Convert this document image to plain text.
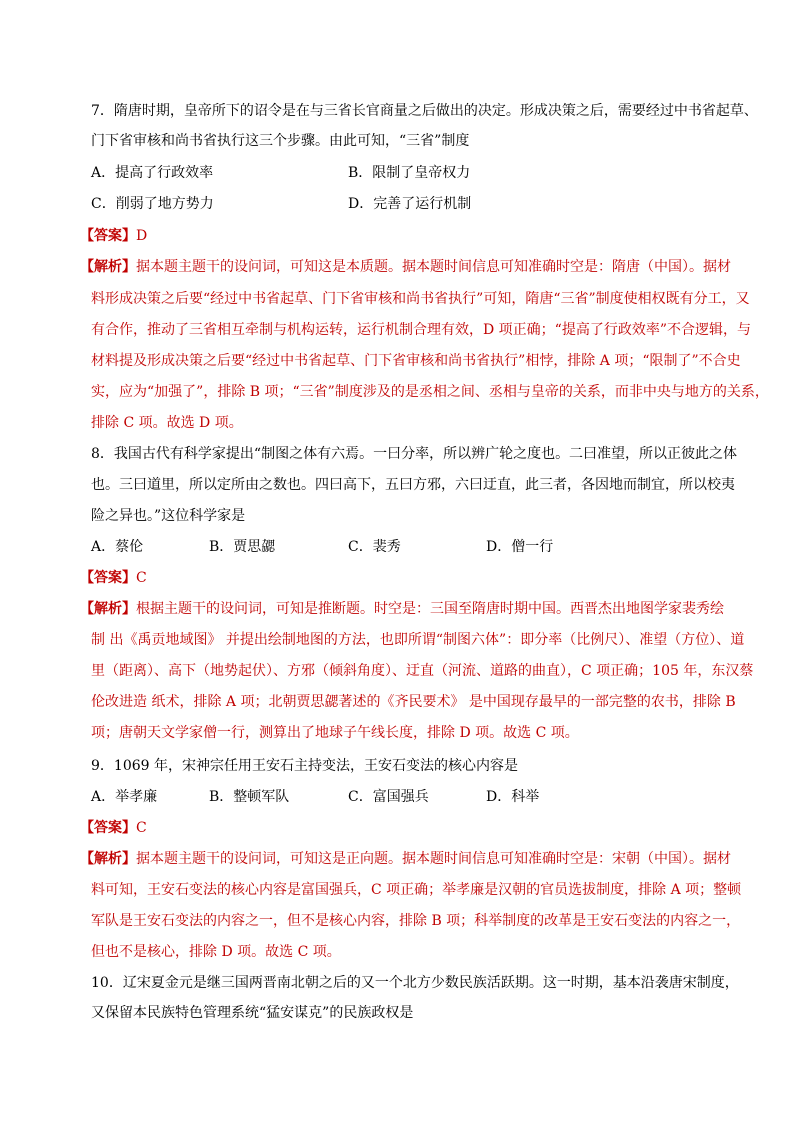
7．隋唐时期，皇帝所下的诏令是在与三省长官商量之后做出的决定。形成决策之后，需要经过中书省起草、
门下省审核和尚书省执行这三个步骤。由此可知，“三省”制度
A．提高了行政效率	B．限制了皇帝权力
C．削弱了地方势力	D．完善了运行机制
【答案】D
【解析】据本题主题干的设问词，可知这是本质题。据本题时间信息可知准确时空是：隋唐（中国）。据材
料形成决策之后要“经过中书省起草、门下省审核和尚书省执行”可知，隋唐“三省”制度使相权既有分工，又
有合作，推动了三省相互牵制与机构运转，运行机制合理有效，D 项正确；“提高了行政效率”不合逻辑，与
材料提及形成决策之后要“经过中书省起草、门下省审核和尚书省执行”相悖，排除 A 项；“限制了”不合史
实，应为“加强了”，排除 B 项；“三省”制度涉及的是丞相之间、丞相与皇帝的关系，而非中央与地方的关系，
排除 C 项。故选 D 项。
8．我国古代有科学家提出“制图之体有六焉。一曰分率，所以辨广轮之度也。二曰准望，所以正彼此之体
也。三曰道里，所以定所由之数也。四曰高下，五曰方邪，六曰迂直，此三者，各因地而制宜，所以校夷
险之异也。”这位科学家是
A．蔡伦	B．贾思勰	C．裴秀	D．僧一行
【答案】C
【解析】根据主题干的设问词，可知是推断题。时空是：三国至隋唐时期中国。西晋杰出地图学家裴秀绘
制 出《禹贡地域图》 并提出绘制地图的方法，也即所谓“制图六体”：即分率（比例尺）、准望（方位）、道
里（距离）、高下（地势起伏）、方邪（倾斜角度）、迂直（河流、道路的曲直），C 项正确；105 年，东汉蔡
伦改进造 纸术，排除 A 项；北朝贾思勰著述的《齐民要术》 是中国现存最早的一部完整的农书，排除 B
项；唐朝天文学家僧一行，测算出了地球子午线长度，排除 D 项。故选 C 项。
9．1069 年，宋神宗任用王安石主持变法，王安石变法的核心内容是
A．举孝廉	B．整顿军队	C．富国强兵	D．科举
【答案】C
【解析】据本题主题干的设问词，可知这是正向题。据本题时间信息可知准确时空是：宋朝（中国）。据材
料可知，王安石变法的核心内容是富国强兵，C 项正确；举孝廉是汉朝的官员选拔制度，排除 A 项；整顿
军队是王安石变法的内容之一，但不是核心内容，排除 B 项；科举制度的改革是王安石变法的内容之一，
但也不是核心，排除 D 项。故选 C 项。
10．辽宋夏金元是继三国两晋南北朝之后的又一个北方少数民族活跃期。这一时期，基本沿袭唐宋制度，
又保留本民族特色管理系统“猛安谋克”的民族政权是
